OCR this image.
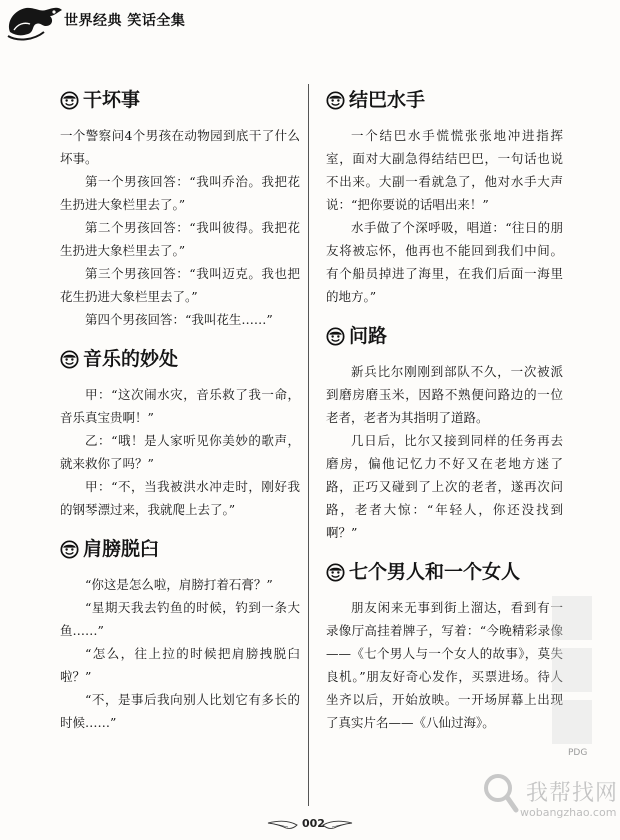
世界经典 笑话全集
干坏事

一个警察问4个男孩在动物园到底干了什么坏事。

第一个男孩回答：“我叫乔治。我把花生扔进大象栏里去了。”

第二个男孩回答：“我叫彼得。我把花生扔进大象栏里去了。”

第三个男孩回答：“我叫迈克。我也把花生扔进大象栏里去了。”

第四个男孩回答：“我叫花生……”

音乐的妙处

甲：“这次闹水灾，音乐救了我一命，音乐真宝贵啊！”

乙：“哦！是人家听见你美妙的歌声，就来救你了吗？”

甲：“不，当我被洪水冲走时，刚好我的钢琴漂过来，我就爬上去了。”

肩膀脱臼

“你这是怎么啦，肩膀打着石膏？”

“星期天我去钓鱼的时候，钓到一条大鱼……”

“怎么，往上拉的时候把肩膀拽脱臼啦？”

“不，是事后我向别人比划它有多长的时候……”

结巴水手

一个结巴水手慌慌张张地冲进指挥室，面对大副急得结结巴巴，一句话也说不出来。大副一看就急了，他对水手大声说：“把你要说的话唱出来！”

水手做了个深呼吸，唱道：“往日的朋友将被忘怀，他再也不能回到我们中间。有个船员掉进了海里，在我们后面一海里的地方。”

问路

新兵比尔刚刚到部队不久，一次被派到磨房磨玉米，因路不熟便问路边的一位老者，老者为其指明了道路。

几日后，比尔又接到同样的任务再去磨房，偏他记忆力不好又在老地方迷了路，正巧又碰到了上次的老者，遂再次问路，老者大惊：“年轻人，你还没找到啊？”

七个男人和一个女人

朋友闲来无事到街上溜达，看到有一录像厅高挂着牌子，写着：“今晚精彩录像——《七个男人与一个女人的故事》，莫失良机。”朋友好奇心发作，买票进场。待人坐齐以后，开始放映。一开场屏幕上出现了真实片名——《八仙过海》。

PDG
我帮找网
wobangzhao.com
002
